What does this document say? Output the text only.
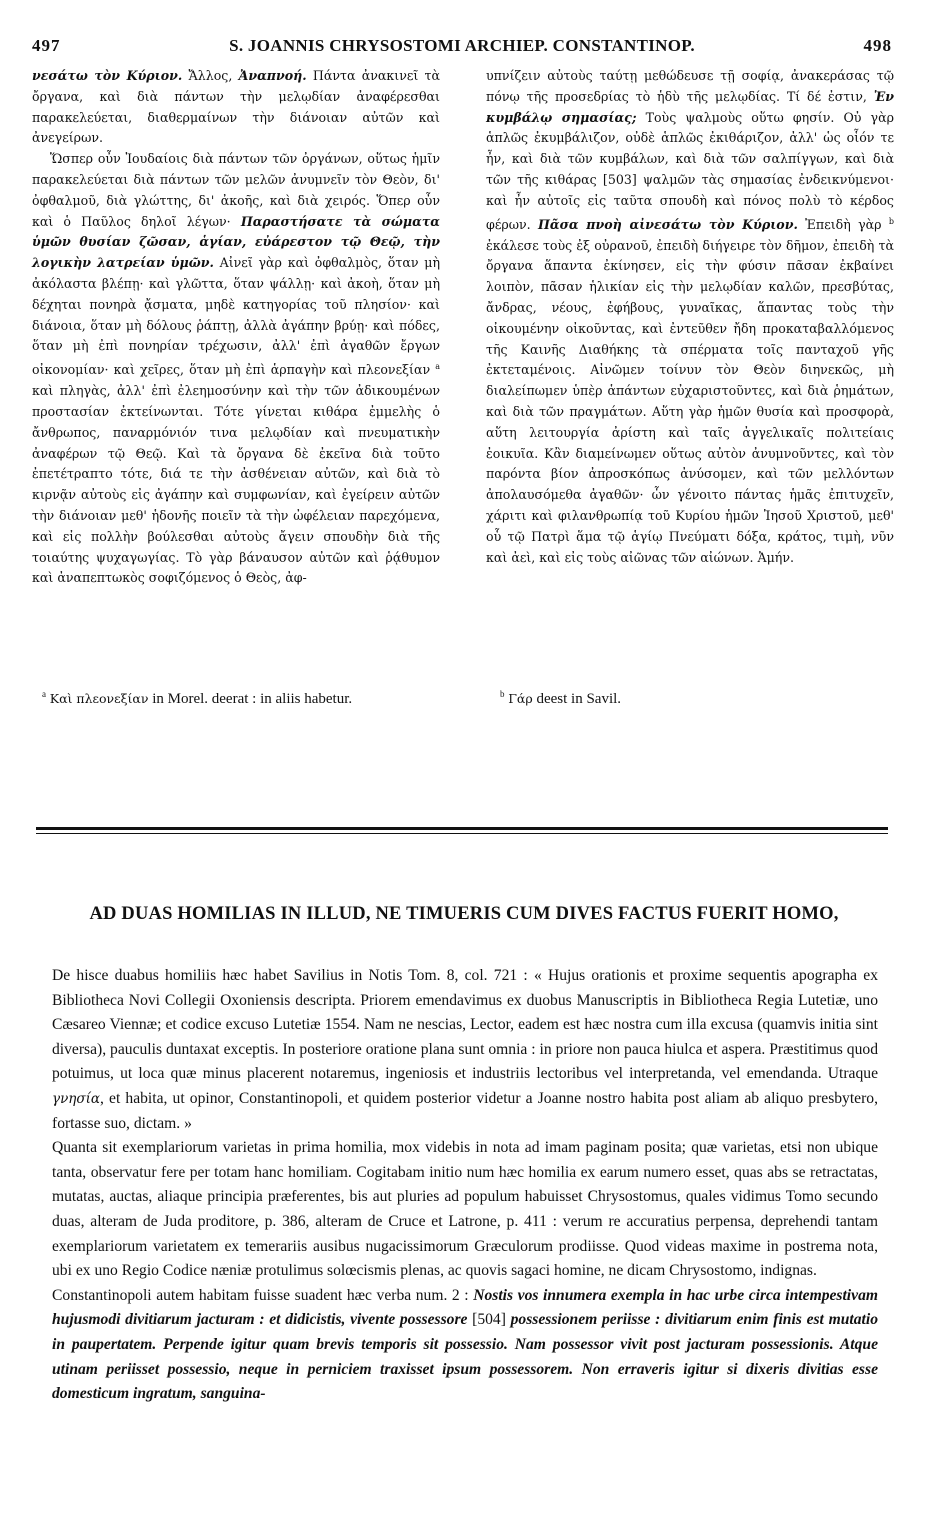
497	S. JOANNIS CHRYSOSTOMI ARCHIEP. CONSTANTINOP.	498

νεσάτω τὸν Κύριον. Ἄλλος, Ἀναπνοή. Πάντα ἀνακινεῖ τὰ ὄργανα, καὶ διὰ πάντων τὴν μελῳδίαν ἀναφέρεσθαι παρακελεύεται, διαθερμαίνων τὴν διάνοιαν αὐτῶν καὶ ἀνεγείρων.

Ὥσπερ οὖν Ἰουδαίοις διὰ πάντων τῶν ὀργάνων, οὕτως ἡμῖν παρακελεύεται διὰ πάντων τῶν μελῶν ἀνυμνεῖν τὸν Θεὸν, δι' ὀφθαλμοῦ, διὰ γλώττης, δι' ἀκοῆς, καὶ διὰ χειρός. Ὅπερ οὖν καὶ ὁ Παῦλος δηλοῖ λέγων· Παραστήσατε τὰ σώματα ὑμῶν θυσίαν ζῶσαν, ἁγίαν, εὐάρεστον τῷ Θεῷ, τὴν λογικὴν λατρείαν ὑμῶν. Αἰνεῖ γὰρ καὶ ὀφθαλμὸς, ὅταν μὴ ἀκόλαστα βλέπῃ· καὶ γλῶττα, ὅταν ψάλλῃ· καὶ ἀκοὴ, ὅταν μὴ δέχηται πονηρὰ ᾄσματα, μηδὲ κατηγορίας τοῦ πλησίον· καὶ διάνοια, ὅταν μὴ δόλους ῥάπτῃ, ἀλλὰ ἀγάπην βρύῃ· καὶ πόδες, ὅταν μὴ ἐπὶ πονηρίαν τρέχωσιν, ἀλλ' ἐπὶ ἀγαθῶν ἔργων οἰκονομίαν· καὶ χεῖρες, ὅταν μὴ ἐπὶ ἁρπαγὴν καὶ πλεονεξίαν $^a$ καὶ πληγὰς, ἀλλ' ἐπὶ ἐλεημοσύνην καὶ τὴν τῶν ἀδικουμένων προστασίαν ἐκτείνωνται. Τότε γίνεται κιθάρα ἐμμελὴς ὁ ἄνθρωπος, παναρμόνιόν τινα μελῳδίαν καὶ πνευματικὴν ἀναφέρων τῷ Θεῷ. Καὶ τὰ ὄργανα δὲ ἐκεῖνα διὰ τοῦτο ἐπετέτραπτο τότε, διά τε τὴν ἀσθένειαν αὐτῶν, καὶ διὰ τὸ κιρνᾷν αὐτοὺς εἰς ἀγάπην καὶ συμφωνίαν, καὶ ἐγείρειν αὐτῶν τὴν διάνοιαν μεθ' ἡδονῆς ποιεῖν τὰ τὴν ὠφέλειαν παρεχόμενα, καὶ εἰς πολλὴν βούλεσθαι αὐτοὺς ἄγειν σπουδὴν διὰ τῆς τοιαύτης ψυχαγωγίας. Τὸ γὰρ βάναυσον αὐτῶν καὶ ῥᾴθυμον καὶ ἀναπεπτωκὸς σοφιζόμενος ὁ Θεὸς, ἀφ-

υπνίζειν αὐτοὺς ταύτῃ μεθώδευσε τῇ σοφίᾳ, ἀνακεράσας τῷ πόνῳ τῆς προσεδρίας τὸ ἡδὺ τῆς μελῳδίας. Τί δέ ἐστιν, Ἐν κυμβάλῳ σημασίας; Τοὺς ψαλμοὺς οὕτω φησίν. Οὐ γὰρ ἁπλῶς ἐκυμβάλιζον, οὐδὲ ἁπλῶς ἐκιθάριζον, ἀλλ' ὡς οἷόν τε ἦν, καὶ διὰ τῶν κυμβάλων, καὶ διὰ τῶν σαλπίγγων, καὶ διὰ τῶν τῆς κιθάρας [503] ψαλμῶν τὰς σημασίας ἐνδεικνύμενοι· καὶ ἦν αὐτοῖς εἰς ταῦτα σπουδὴ καὶ πόνος πολὺ τὸ κέρδος φέρων. Πᾶσα πνοὴ αἰνεσάτω τὸν Κύριον. Ἐπειδὴ γὰρ $^b$ ἐκάλεσε τοὺς ἐξ οὐρανοῦ, ἐπειδὴ διήγειρε τὸν δῆμον, ἐπειδὴ τὰ ὄργανα ἅπαντα ἐκίνησεν, εἰς τὴν φύσιν πᾶσαν ἐκβαίνει λοιπὸν, πᾶσαν ἡλικίαν εἰς τὴν μελῳδίαν καλῶν, πρεσβύτας, ἄνδρας, νέους, ἐφήβους, γυναῖκας, ἅπαντας τοὺς τὴν οἰκουμένην οἰκοῦντας, καὶ ἐντεῦθεν ἤδη προκαταβαλλόμενος τῆς Καινῆς Διαθήκης τὰ σπέρματα τοῖς πανταχοῦ γῆς ἐκτεταμένοις. Αἰνῶμεν τοίνυν τὸν Θεὸν διηνεκῶς, μὴ διαλείπωμεν ὑπὲρ ἁπάντων εὐχαριστοῦντες, καὶ διὰ ῥημάτων, καὶ διὰ τῶν πραγμάτων. Αὕτη γὰρ ἡμῶν θυσία καὶ προσφορὰ, αὕτη λειτουργία ἀρίστη καὶ ταῖς ἀγγελικαῖς πολιτείαις ἐοικυῖα. Κἂν διαμείνωμεν οὕτως αὐτὸν ἀνυμνοῦντες, καὶ τὸν παρόντα βίον ἀπροσκόπως ἀνύσομεν, καὶ τῶν μελλόντων ἀπολαυσόμεθα ἀγαθῶν· ὧν γένοιτο πάντας ἡμᾶς ἐπιτυχεῖν, χάριτι καὶ φιλανθρωπίᾳ τοῦ Κυρίου ἡμῶν Ἰησοῦ Χριστοῦ, μεθ' οὗ τῷ Πατρὶ ἅμα τῷ ἁγίῳ Πνεύματι δόξα, κράτος, τιμὴ, νῦν καὶ ἀεὶ, καὶ εἰς τοὺς αἰῶνας τῶν αἰώνων. Ἀμήν.

$^a$ Καὶ πλεονεξίαν in Morel. deerat : in aliis habetur.	$^b$ Γάρ deest in Savil.
AD DUAS HOMILIAS IN ILLUD, NE TIMUERIS CUM DIVES FACTUS FUERIT HOMO,

De hisce duabus homiliis hæc habet Savilius in Notis Tom. 8, col. 721 : « Hujus orationis et proxime sequentis apographa ex Bibliotheca Novi Collegii Oxoniensis descripta. Priorem emendavimus ex duobus Manuscriptis in Bibliotheca Regia Lutetiæ, uno Cæsareo Viennæ; et codice excuso Lutetiæ 1554. Nam ne nescias, Lector, eadem est hæc nostra cum illa excusa (quamvis initia sint diversa), pauculis duntaxat exceptis. In posteriore oratione plana sunt omnia : in priore non pauca hiulca et aspera. Præstitimus quod potuimus, ut loca quæ minus placerent notaremus, ingeniosis et industriis lectoribus vel interpretanda, vel emendanda. Utraque γνησία, et habita, ut opinor, Constantinopoli, et quidem posterior videtur a Joanne nostro habita post aliam ab aliquo presbytero, fortasse suo, dictam. »

Quanta sit exemplariorum varietas in prima homilia, mox videbis in nota ad imam paginam posita; quæ varietas, etsi non ubique tanta, observatur fere per totam hanc homiliam. Cogitabam initio num hæc homilia ex earum numero esset, quas abs se retractatas, mutatas, auctas, aliaque principia præferentes, bis aut pluries ad populum habuisset Chrysostomus, quales vidimus Tomo secundo duas, alteram de Juda proditore, p. 386, alteram de Cruce et Latrone, p. 411 : verum re accuratius perpensa, deprehendi tantam exemplariorum varietatem ex temerariis ausibus nugacissimorum Græculorum prodiisse. Quod videas maxime in postrema nota, ubi ex uno Regio Codice næniæ protulimus solœcismis plenas, ac quovis sagaci homine, ne dicam Chrysostomo, indignas.

Constantinopoli autem habitam fuisse suadent hæc verba num. 2 : Nostis vos innumera exempla in hac urbe circa intempestivam hujusmodi divitiarum jacturam : et didicistis, vivente possessore [504] possessionem periisse : divitiarum enim finis est mutatio in paupertatem. Perpende igitur quam brevis temporis sit possessio. Nam possessor vivit post jacturam possessionis. Atque utinam periisset possessio, neque in perniciem traxisset ipsum possessorem. Non erraveris igitur si dixeris divitias esse domesticum ingratum, sanguina-
